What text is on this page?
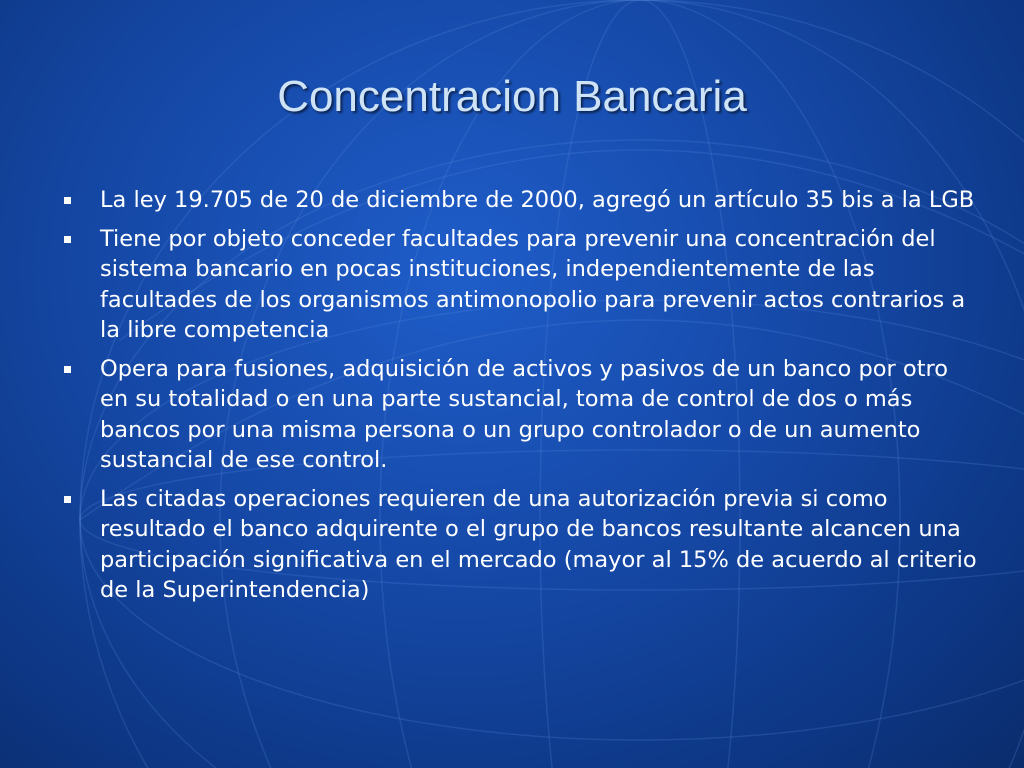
Concentracion Bancaria
La ley 19.705 de 20 de diciembre de 2000, agregó un artículo 35 bis a la LGB
Tiene por objeto conceder facultades para prevenir una concentración del sistema bancario en pocas instituciones, independientemente de las facultades de los organismos antimonopolio para prevenir actos contrarios a la libre competencia
Opera para fusiones, adquisición de activos y pasivos de un banco por otro en su totalidad o en una parte sustancial, toma de control de dos o más bancos por una misma persona o un grupo controlador o de un aumento sustancial de ese control.
Las citadas operaciones requieren de una autorización previa si como resultado el banco adquirente o el grupo de bancos resultante alcancen una participación significativa en el mercado (mayor al 15% de acuerdo al criterio de la Superintendencia)
